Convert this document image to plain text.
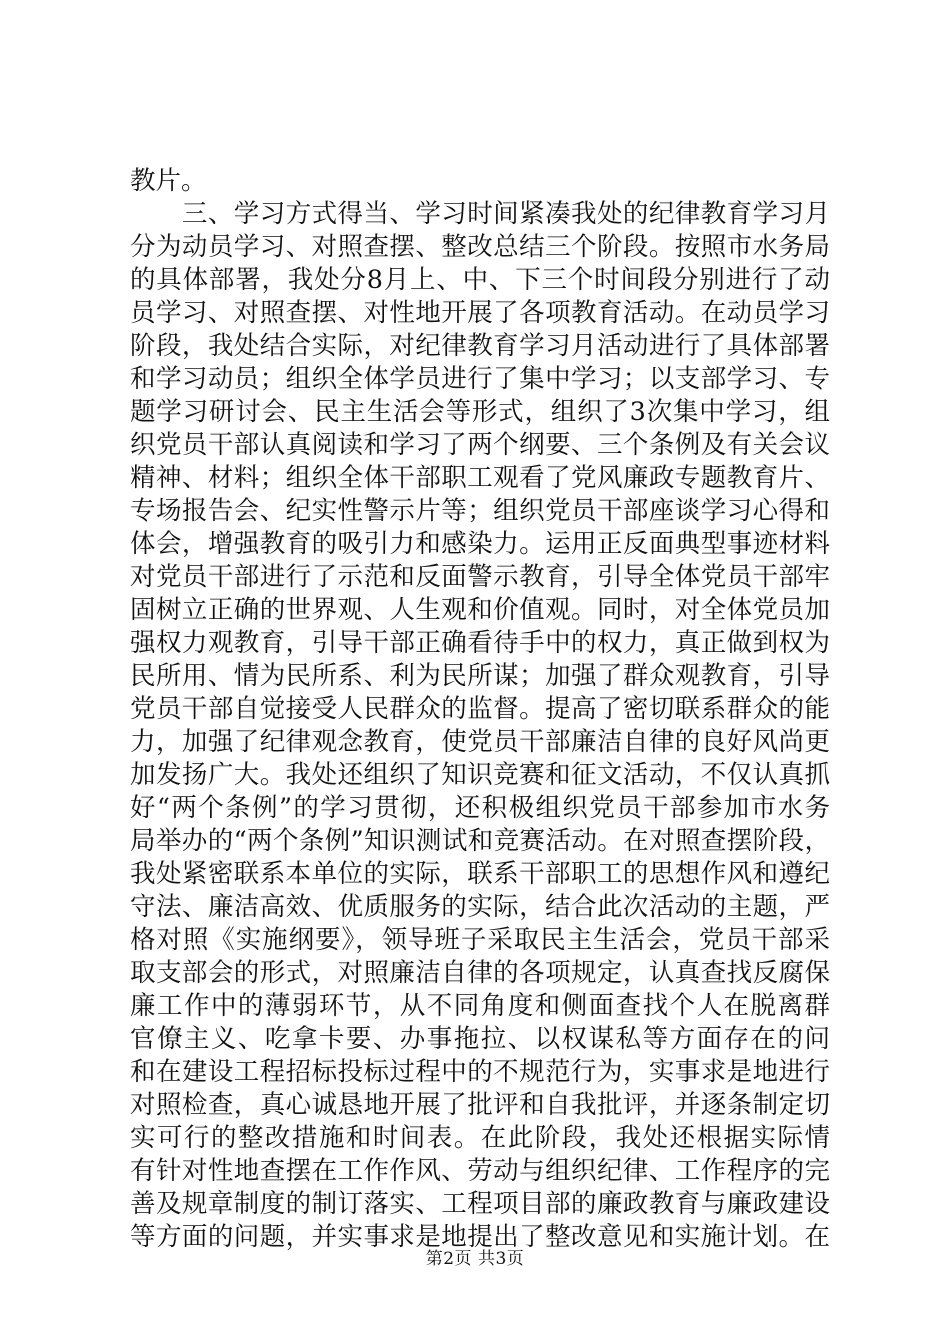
教片。
　　三、学习方式得当、学习时间紧凑我处的纪律教育学习月
分为动员学习、对照查摆、整改总结三个阶段。按照市水务局
的具体部署，我处分8月上、中、下三个时间段分别进行了动
员学习、对照查摆、对性地开展了各项教育活动。在动员学习
阶段，我处结合实际，对纪律教育学习月活动进行了具体部署
和学习动员；组织全体学员进行了集中学习；以支部学习、专
题学习研讨会、民主生活会等形式，组织了3次集中学习，组
织党员干部认真阅读和学习了两个纲要、三个条例及有关会议
精神、材料；组织全体干部职工观看了党风廉政专题教育片、
专场报告会、纪实性警示片等；组织党员干部座谈学习心得和
体会，增强教育的吸引力和感染力。运用正反面典型事迹材料
对党员干部进行了示范和反面警示教育，引导全体党员干部牢
固树立正确的世界观、人生观和价值观。同时，对全体党员加
强权力观教育，引导干部正确看待手中的权力，真正做到权为
民所用、情为民所系、利为民所谋；加强了群众观教育，引导
党员干部自觉接受人民群众的监督。提高了密切联系群众的能
力，加强了纪律观念教育，使党员干部廉洁自律的良好风尚更
加发扬广大。我处还组织了知识竞赛和征文活动，不仅认真抓
好“两个条例”的学习贯彻，还积极组织党员干部参加市水务
局举办的“两个条例”知识测试和竞赛活动。在对照查摆阶段，
我处紧密联系本单位的实际，联系干部职工的思想作风和遵纪
守法、廉洁高效、优质服务的实际，结合此次活动的主题，严
格对照《实施纲要》，领导班子采取民主生活会，党员干部采
取支部会的形式，对照廉洁自律的各项规定，认真查找反腐保
廉工作中的薄弱环节，从不同角度和侧面查找个人在脱离群
官僚主义、吃拿卡要、办事拖拉、以权谋私等方面存在的问
和在建设工程招标投标过程中的不规范行为，实事求是地进行
对照检查，真心诚恳地开展了批评和自我批评，并逐条制定切
实可行的整改措施和时间表。在此阶段，我处还根据实际情
有针对性地查摆在工作作风、劳动与组织纪律、工作程序的完
善及规章制度的制订落实、工程项目部的廉政教育与廉政建设
等方面的问题，并实事求是地提出了整改意见和实施计划。在
第2页 共3页
